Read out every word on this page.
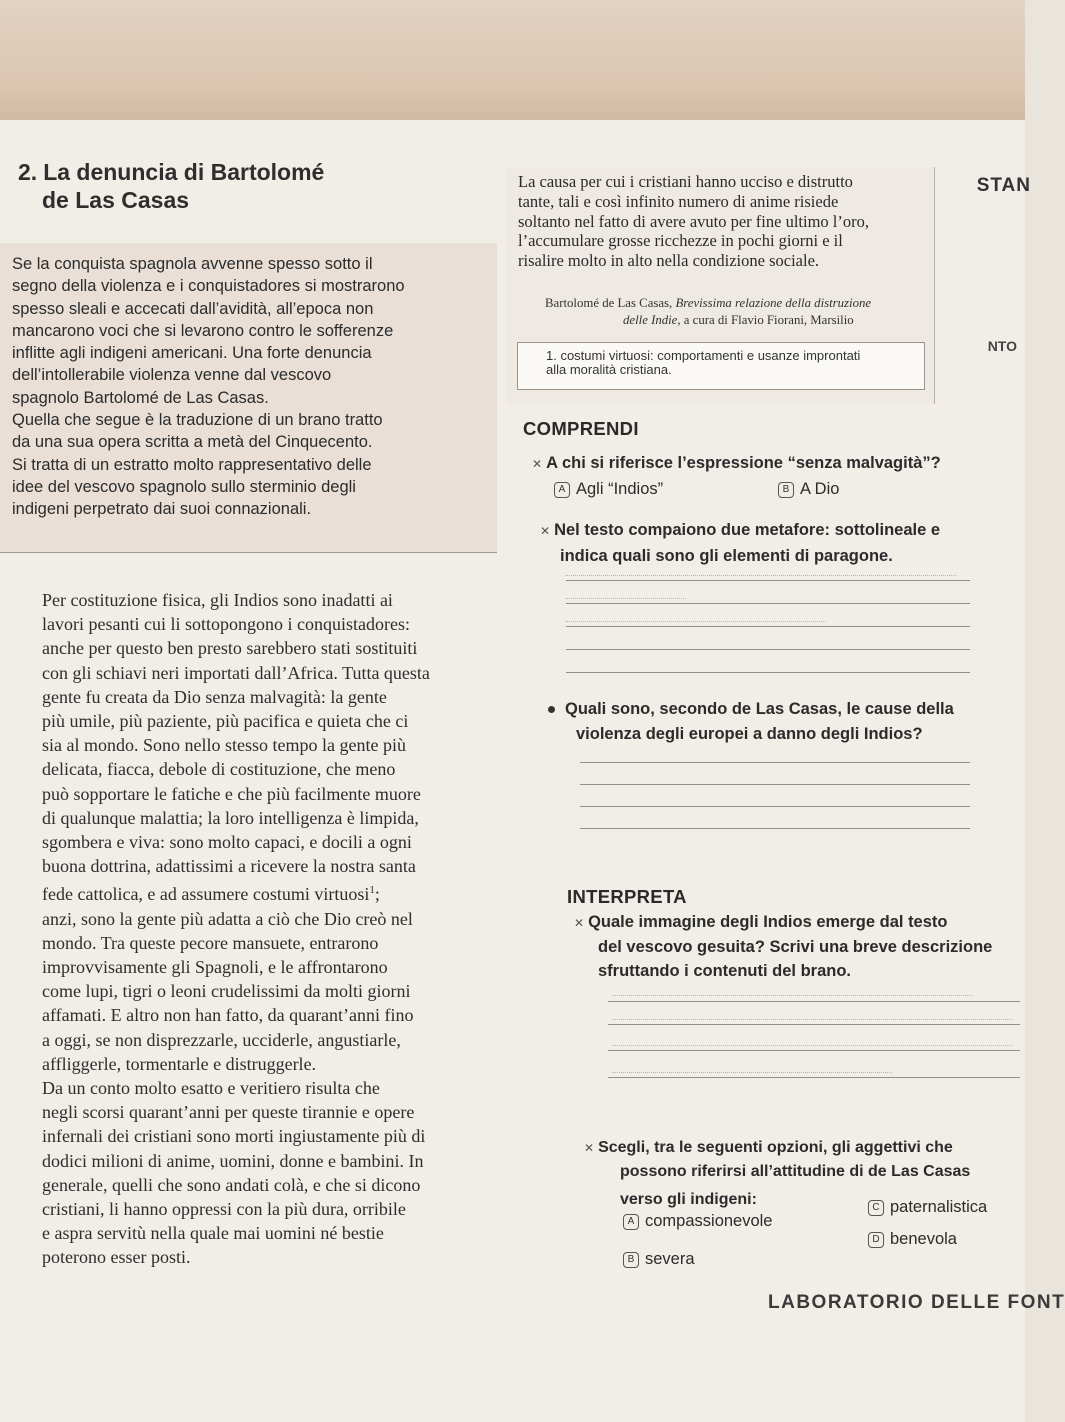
2. La denuncia di Bartolomé
de Las Casas

Se la conquista spagnola avvenne spesso sotto il

segno della violenza e i conquistadores si mostrarono

spesso sleali e accecati dall’avidità, all’epoca non

mancarono voci che si levarono contro le sofferenze

inflitte agli indigeni americani. Una forte denuncia

dell’intollerabile violenza venne dal vescovo

spagnolo Bartolomé de Las Casas.

Quella che segue è la traduzione di un brano tratto

da una sua opera scritta a metà del Cinquecento.

Si tratta di un estratto molto rappresentativo delle

idee del vescovo spagnolo sullo sterminio degli

indigeni perpetrato dai suoi connazionali.

Per costituzione fisica, gli Indios sono inadatti ai

lavori pesanti cui li sottopongono i conquistadores:

anche per questo ben presto sarebbero stati sostituiti

con gli schiavi neri importati dall’Africa. Tutta questa

gente fu creata da Dio senza malvagità: la gente

più umile, più paziente, più pacifica e quieta che ci

sia al mondo. Sono nello stesso tempo la gente più

delicata, fiacca, debole di costituzione, che meno

può sopportare le fatiche e che più facilmente muore

di qualunque malattia; la loro intelligenza è limpida,

sgombera e viva: sono molto capaci, e docili a ogni

buona dottrina, adattissimi a ricevere la nostra santa

fede cattolica, e ad assumere costumi virtuosi$^1$;

anzi, sono la gente più adatta a ciò che Dio creò nel

mondo. Tra queste pecore mansuete, entrarono

improvvisamente gli Spagnoli, e le affrontarono

come lupi, tigri o leoni crudelissimi da molti giorni

affamati. E altro non han fatto, da quarant’anni fino

a oggi, se non disprezzarle, ucciderle, angustiarle,

affliggerle, tormentarle e distruggerle.

Da un conto molto esatto e veritiero risulta che

negli scorsi quarant’anni per queste tirannie e opere

infernali dei cristiani sono morti ingiustamente più di

dodici milioni di anime, uomini, donne e bambini. In

generale, quelli che sono andati colà, e che si dicono

cristiani, li hanno oppressi con la più dura, orribile

e aspra servitù nella quale mai uomini né bestie

poterono esser posti.

La causa per cui i cristiani hanno ucciso e distrutto

tante, tali e così infinito numero di anime risiede

soltanto nel fatto di avere avuto per fine ultimo l’oro,

l’accumulare grosse ricchezze in pochi giorni e il

risalire molto in alto nella condizione sociale.

Bartolomé de Las Casas, Brevissima relazione della distruzione
delle Indie, a cura di Flavio Fiorani, Marsilio
1. costumi virtuosi: comportamenti e usanze improntati
alla moralità cristiana.
STAN
NTO
COMPRENDI
✕ A chi si riferisce l’espressione “senza malvagità”?
A Agli “Indios”	B A Dio
✕ Nel testo compaiono due metafore: sottolineale e
indica quali sono gli elementi di paragone.
Quali sono, secondo de Las Casas, le cause della
violenza degli europei a danno degli Indios?
INTERPRETA
✕ Quale immagine degli Indios emerge dal testo
del vescovo gesuita? Scrivi una breve descrizione
sfruttando i contenuti del brano.
✕ Scegli, tra le seguenti opzioni, gli aggettivi che
possono riferirsi all’attitudine di de Las Casas
verso gli indigeni:
A compassionevole
B severa
C paternalistica
D benevola
LABORATORIO DELLE FONT
